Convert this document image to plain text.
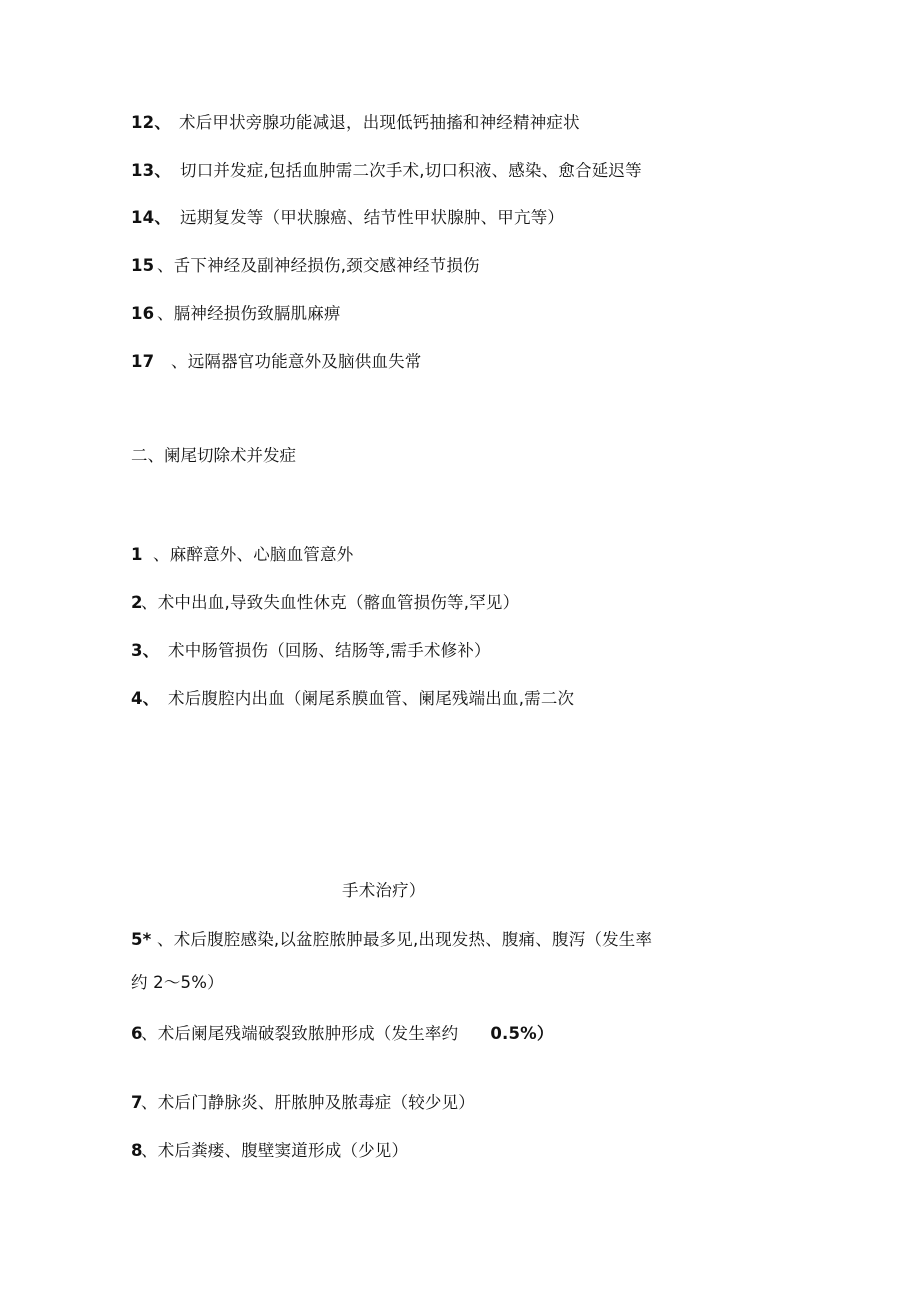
12、 术后甲状旁腺功能减退，出现低钙抽搐和神经精神症状
13、 切口并发症,包括血肿需二次手术,切口积液、感染、愈合延迟等
14、 远期复发等（甲状腺癌、结节性甲状腺肿、甲亢等）
15 、舌下神经及副神经损伤,颈交感神经节损伤
16 、膈神经损伤致膈肌麻痹
17 、远隔器官功能意外及脑供血失常
二、阑尾切除术并发症
1 、麻醉意外、心脑血管意外
2、术中出血,导致失血性休克（髂血管损伤等,罕见）
3、 术中肠管损伤（回肠、结肠等,需手术修补）
4、 术后腹腔内出血（阑尾系膜血管、阑尾残端出血,需二次
手术治疗）
5* 、术后腹腔感染,以盆腔脓肿最多见,出现发热、腹痛、腹泻（发生率
约 2～5%）
6、术后阑尾残端破裂致脓肿形成（发生率约 0.5%）
7、术后门静脉炎、肝脓肿及脓毒症（较少见）
8、术后粪瘘、腹壁窦道形成（少见）
